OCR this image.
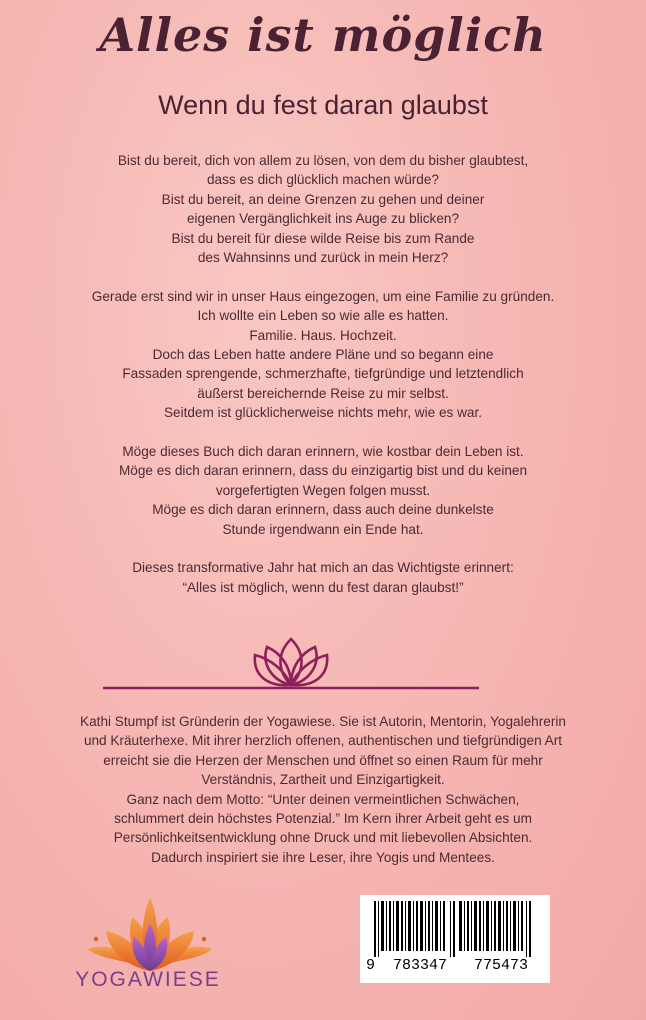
Alles ist möglich
Wenn du fest daran glaubst
Bist du bereit, dich von allem zu lösen, von dem du bisher glaubtest,
dass es dich glücklich machen würde?
Bist du bereit, an deine Grenzen zu gehen und deiner
eigenen Vergänglichkeit ins Auge zu blicken?
Bist du bereit für diese wilde Reise bis zum Rande
des Wahnsinns und zurück in mein Herz?
Gerade erst sind wir in unser Haus eingezogen, um eine Familie zu gründen.
Ich wollte ein Leben so wie alle es hatten.
Familie. Haus. Hochzeit.
Doch das Leben hatte andere Pläne und so begann eine
Fassaden sprengende, schmerzhafte, tiefgründige und letztendlich
äußerst bereichernde Reise zu mir selbst.
Seitdem ist glücklicherweise nichts mehr, wie es war.
Möge dieses Buch dich daran erinnern, wie kostbar dein Leben ist.
Möge es dich daran erinnern, dass du einzigartig bist und du keinen
vorgefertigten Wegen folgen musst.
Möge es dich daran erinnern, dass auch deine dunkelste
Stunde irgendwann ein Ende hat.
Dieses transformative Jahr hat mich an das Wichtigste erinnert:
“Alles ist möglich, wenn du fest daran glaubst!”
Kathi Stumpf ist Gründerin der Yogawiese. Sie ist Autorin, Mentorin, Yogalehrerin
und Kräuterhexe. Mit ihrer herzlich offenen, authentischen und tiefgründigen Art
erreicht sie die Herzen der Menschen und öffnet so einen Raum für mehr
Verständnis, Zartheit und Einzigartigkeit.
Ganz nach dem Motto: “Unter deinen vermeintlichen Schwächen,
schlummert dein höchstes Potenzial.” Im Kern ihrer Arbeit geht es um
Persönlichkeitsentwicklung ohne Druck und mit liebevollen Absichten.
Dadurch inspiriert sie ihre Leser, ihre Yogis und Mentees.
YOGAWIESE
9  783347   775473
